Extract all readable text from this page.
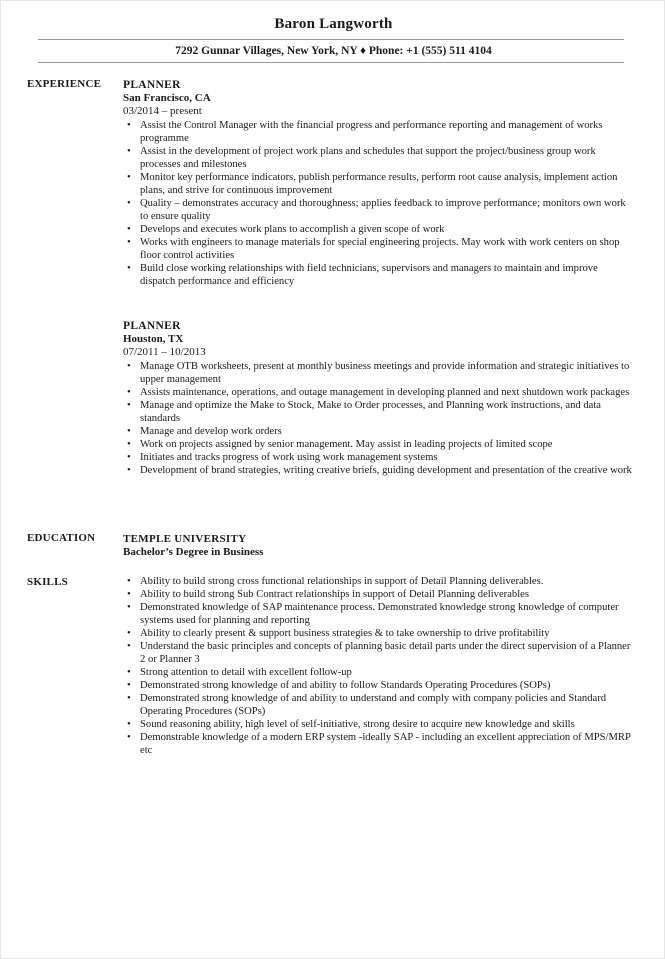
Baron Langworth
7292 Gunnar Villages, New York, NY ♦ Phone: +1 (555) 511 4104
EXPERIENCE PLANNER
San Francisco, CA
03/2014 – present
• Assist the Control Manager with the financial progress and performance reporting and management of works programme
• Assist in the development of project work plans and schedules that support the project/business group work processes and milestones
• Monitor key performance indicators, publish performance results, perform root cause analysis, implement action plans, and strive for continuous improvement
• Quality – demonstrates accuracy and thoroughness; applies feedback to improve performance; monitors own work to ensure quality
• Develops and executes work plans to accomplish a given scope of work
• Works with engineers to manage materials for special engineering projects. May work with work centers on shop floor control activities
• Build close working relationships with field technicians, supervisors and managers to maintain and improve dispatch performance and efficiency
PLANNER
Houston, TX
07/2011 – 10/2013
• Manage OTB worksheets, present at monthly business meetings and provide information and strategic initiatives to upper management
• Assists maintenance, operations, and outage management in developing planned and next shutdown work packages
• Manage and optimize the Make to Stock, Make to Order processes, and Planning work instructions, and data standards
• Manage and develop work orders
• Work on projects assigned by senior management. May assist in leading projects of limited scope
• Initiates and tracks progress of work using work management systems
• Development of brand strategies, writing creative briefs, guiding development and presentation of the creative work
EDUCATION	TEMPLE UNIVERSITY
Bachelor’s Degree in Business
SKILLS
•	Ability to build strong cross functional relationships in support of Detail Planning deliverables.
• Ability to build strong Sub Contract relationships in support of Detail Planning deliverables
• Demonstrated knowledge of SAP maintenance process. Demonstrated knowledge strong knowledge of computer systems used for planning and reporting
• Ability to clearly present & support business strategies & to take ownership to drive profitability
• Understand the basic principles and concepts of planning basic detail parts under the direct supervision of a Planner 2 or Planner 3
• Strong attention to detail with excellent follow-up
• Demonstrated strong knowledge of and ability to follow Standards Operating Procedures (SOPs)
• Demonstrated strong knowledge of and ability to understand and comply with company policies and Standard Operating Procedures (SOPs)
• Sound reasoning ability, high level of self-initiative, strong desire to acquire new knowledge and skills
• Demonstrable knowledge of a modern ERP system -ideally SAP - including an excellent appreciation of MPS/MRP etc
